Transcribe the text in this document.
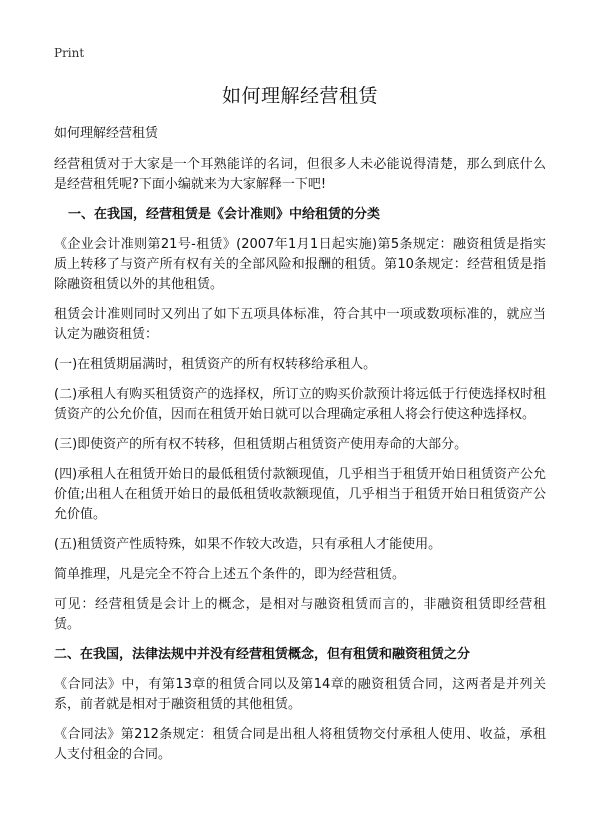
Print
如何理解经营租赁

如何理解经营租赁

经营租赁对于大家是一个耳熟能详的名词，但很多人未必能说得清楚，那么到底什么是经营租凭呢?下面小编就来为大家解释一下吧!

一、在我国，经营租赁是《会计准则》中给租赁的分类

《企业会计准则第21号-租赁》(2007年1月1日起实施)第5条规定：融资租赁是指实质上转移了与资产所有权有关的全部风险和报酬的租赁。第10条规定：经营租赁是指除融资租赁以外的其他租赁。

租赁会计准则同时又列出了如下五项具体标准，符合其中一项或数项标准的，就应当认定为融资租赁：

(一)在租赁期届满时，租赁资产的所有权转移给承租人。

(二)承租人有购买租赁资产的选择权，所订立的购买价款预计将远低于行使选择权时租赁资产的公允价值，因而在租赁开始日就可以合理确定承租人将会行使这种选择权。

(三)即使资产的所有权不转移，但租赁期占租赁资产使用寿命的大部分。

(四)承租人在租赁开始日的最低租赁付款额现值，几乎相当于租赁开始日租赁资产公允价值;出租人在租赁开始日的最低租赁收款额现值，几乎相当于租赁开始日租赁资产公允价值。

(五)租赁资产性质特殊，如果不作较大改造，只有承租人才能使用。

简单推理，凡是完全不符合上述五个条件的，即为经营租赁。

可见：经营租赁是会计上的概念，是相对与融资租赁而言的，非融资租赁即经营租赁。

二、在我国，法律法规中并没有经营租赁概念，但有租赁和融资租赁之分

《合同法》中，有第13章的租赁合同以及第14章的融资租赁合同，这两者是并列关系，前者就是相对于融资租赁的其他租赁。

《合同法》第212条规定：租赁合同是出租人将租赁物交付承租人使用、收益，承租人支付租金的合同。
